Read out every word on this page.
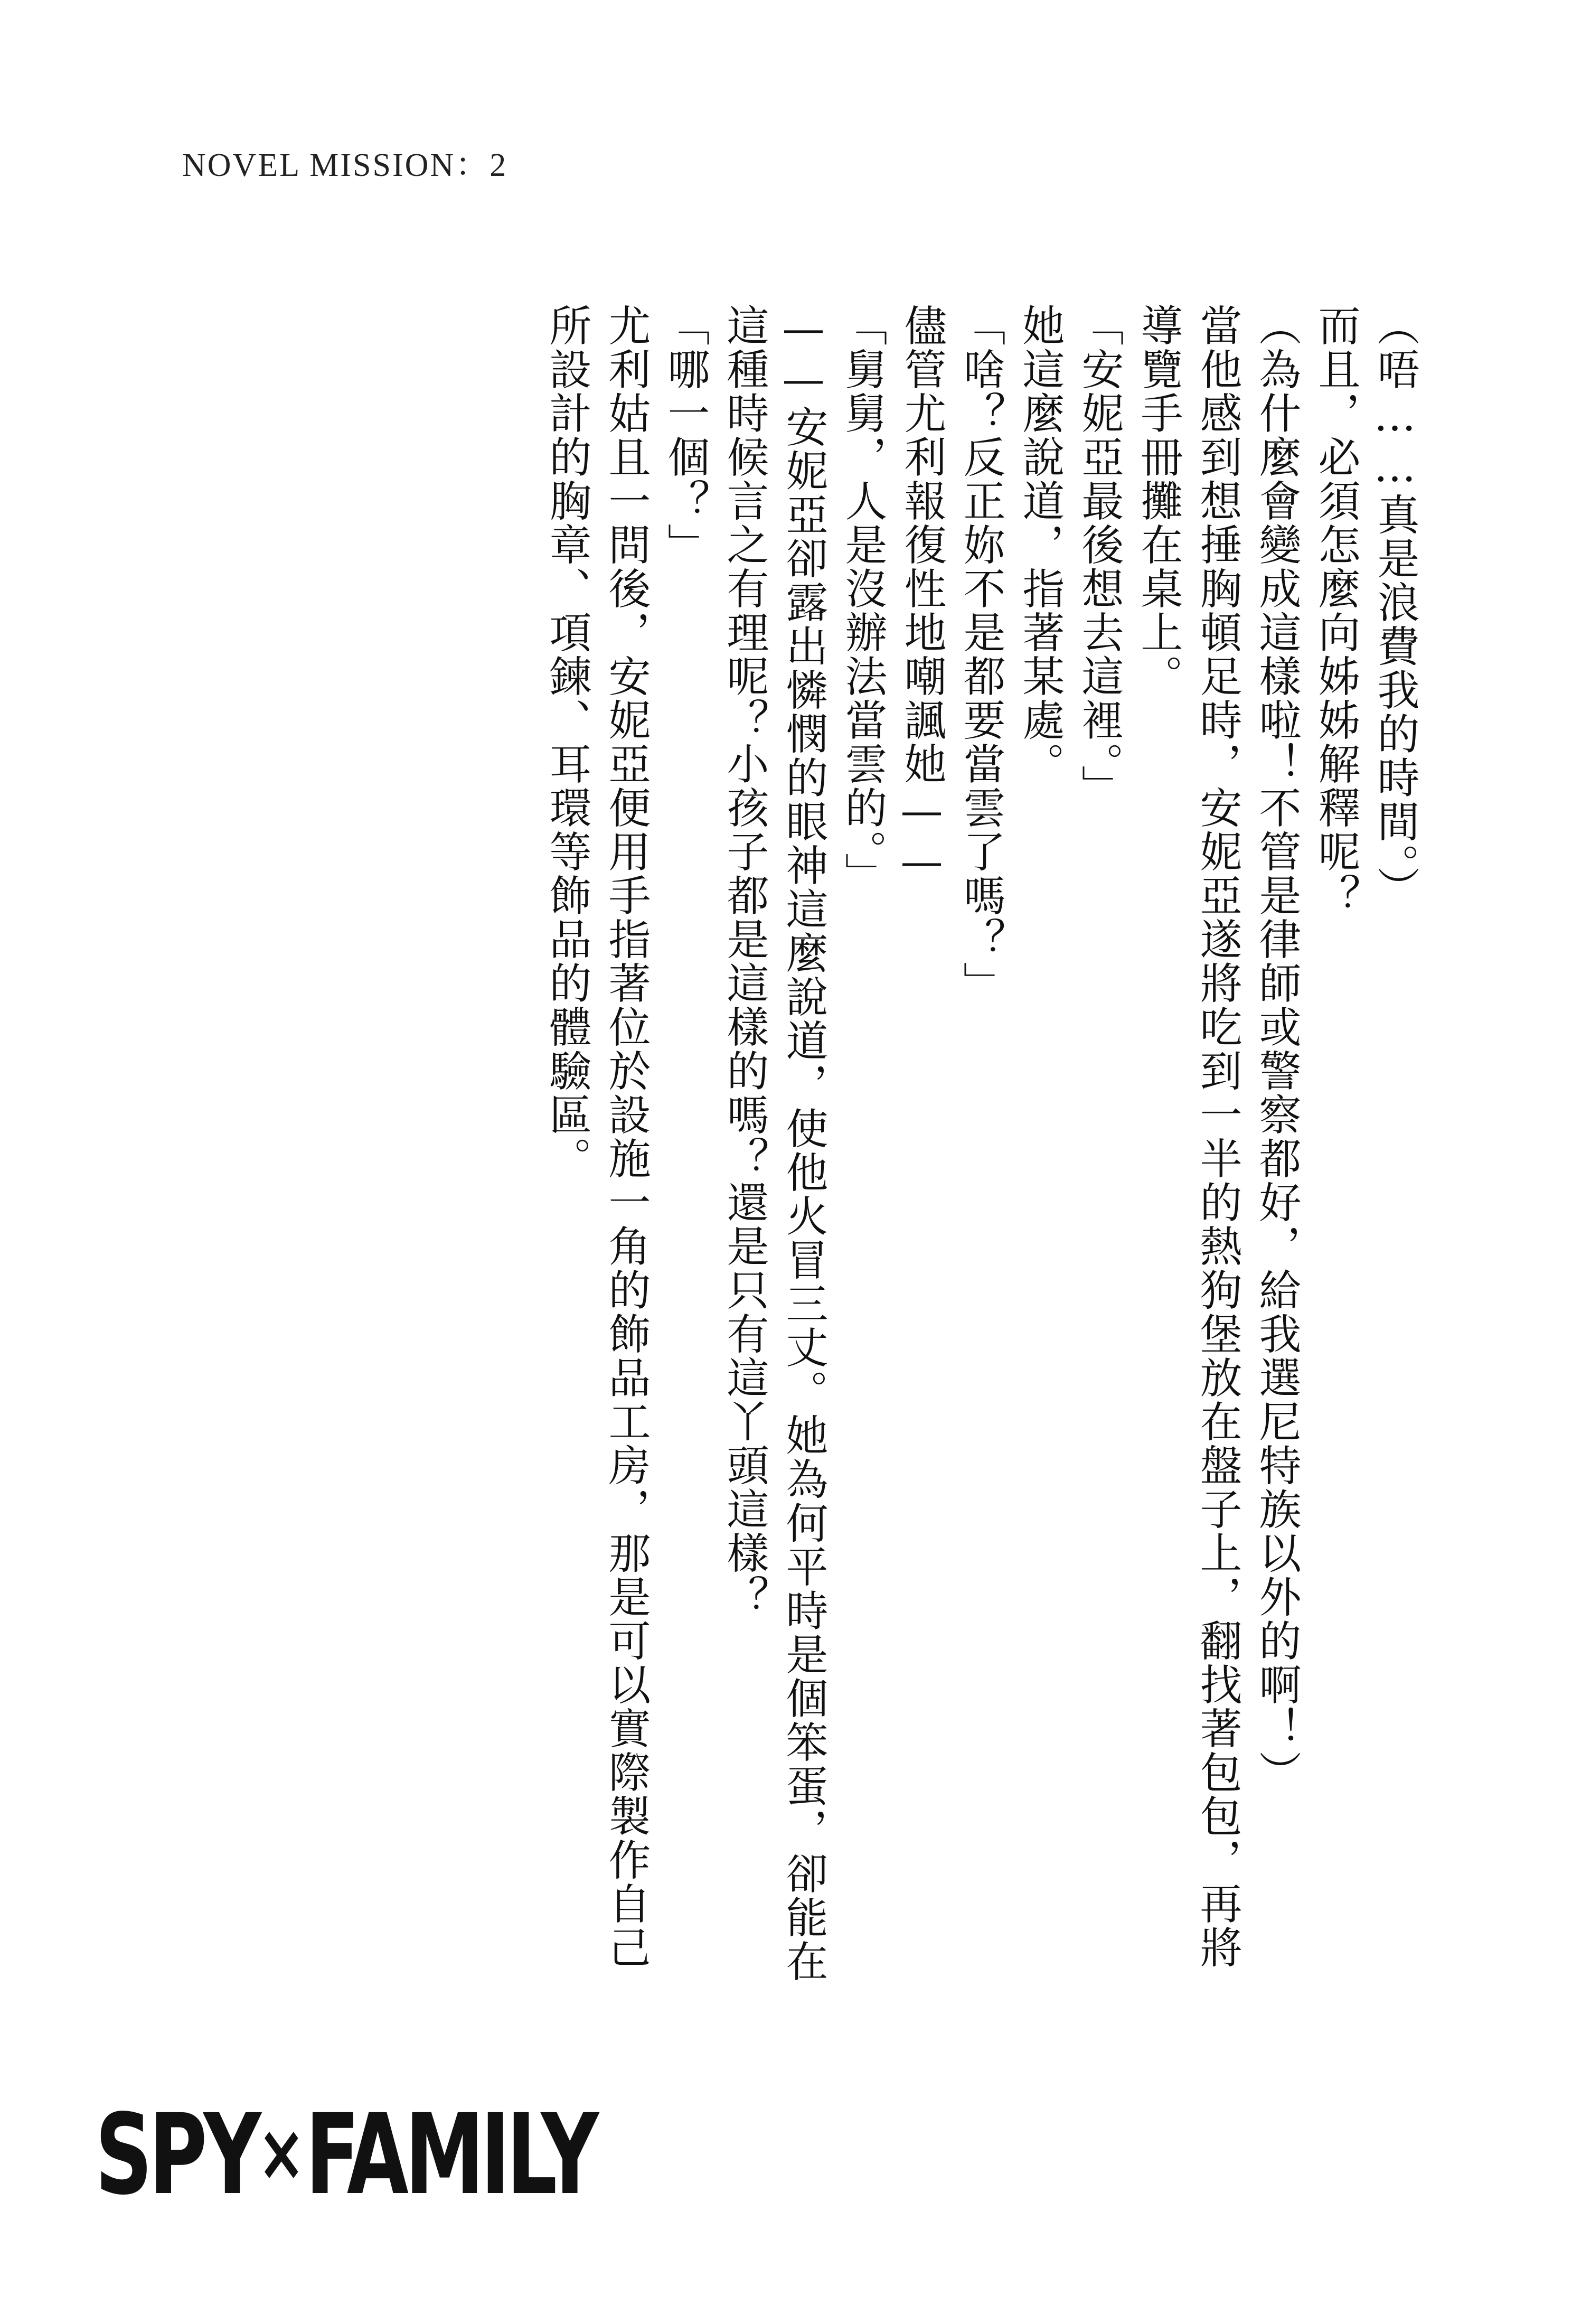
NOVEL MISSION：2

（唔……真是浪費我的時間。）

而且，必須怎麼向姊姊解釋呢？

（為什麼會變成這樣啦！不管是律師或警察都好，給我選尼特族以外的啊！）

當他感到想捶胸頓足時，安妮亞遂將吃到一半的熱狗堡放在盤子上，翻找著包包，再將

導覽手冊攤在桌上。

「安妮亞最後想去這裡。」

她這麼說道，指著某處。

「啥？反正妳不是都要當雲了嗎？」

儘管尤利報復性地嘲諷她——

「舅舅，人是沒辦法當雲的。」

——安妮亞卻露出憐憫的眼神這麼說道，使他火冒三丈。她為何平時是個笨蛋，卻能在

這種時候言之有理呢？小孩子都是這樣的嗎？還是只有這丫頭這樣？

「哪一個？」

尤利姑且一問後，安妮亞便用手指著位於設施一角的飾品工房，那是可以實際製作自己

所設計的胸章、項鍊、耳環等飾品的體驗區。

SPY×FAMILY
